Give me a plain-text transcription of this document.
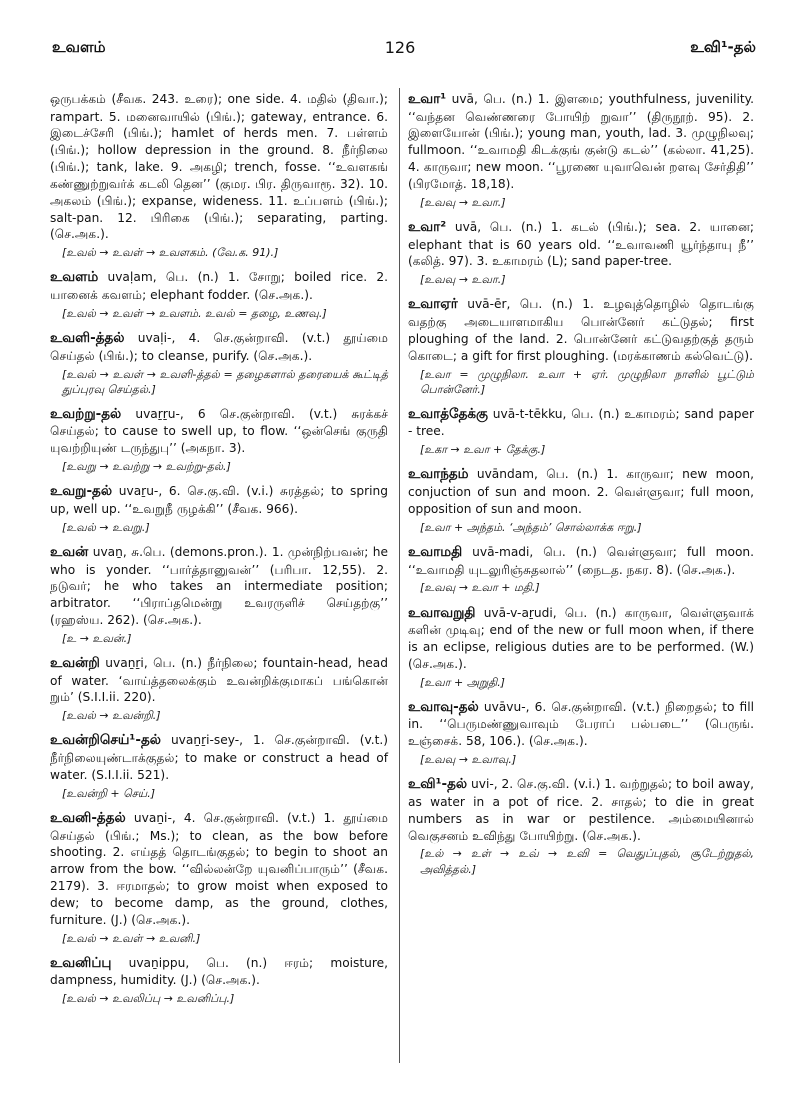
உவளம்	126	உவி¹-தல்

ஒருபக்கம் (சீவக. 243. உரை); one side. 4. மதில் (திவா.); rampart. 5. மனைவாயில் (பிங்.); gateway, entrance. 6. இடைச்சேரி (பிங்.); hamlet of herds men. 7. பள்ளம் (பிங்.); hollow depression in the ground. 8. நீர்நிலை (பிங்.); tank, lake. 9. அகழி; trench, fosse. ‘‘உவளகங் கண்ணுற்றுவர்க் கடலி தென’’ (குமர. பிர. திருவாரூ. 32). 10. அகலம் (பிங்.); expanse, wideness. 11. உப்பளம் (பிங்.); salt-pan. 12. பிரிகை (பிங்.); separating, parting. (செ.அக.).

[உவல் → உவள் → உவளகம். (வே.க. 91).]

உவளம் uvaḷam, பெ. (n.) 1. சோறு; boiled rice. 2. யானைக் கவளம்; elephant fodder. (செ.அக.).

[உவல் → உவள் → உவளம். உவல் = தழை, உணவு.]

உவளி-த்தல் uvaḷi-, 4. செ.குன்றாவி. (v.t.) தூய்மை செய்தல் (பிங்.); to cleanse, purify. (செ.அக.).

[உவல் → உவள் → உவளி-த்தல் = தழைகளால் தரையைக் கூட்டித் துப்புரவு செய்தல்.]

உவற்று-தல் uvaṟṟu-, 6 செ.குன்றாவி. (v.t.) சுரக்கச் செய்தல்; to cause to swell up, to flow. ‘‘ஒன்செங் குருதி யுவற்றியுண் டருந்துபு’’ (அகநா. 3).

[உவறு → உவற்று → உவற்று-தல்.]

உவறு-தல் uvaṟu-, 6. செ.கு.வி. (v.i.) சுரத்தல்; to spring up, well up. ‘‘உவறுநீ ருழக்கி’’ (சீவக. 966).

[உவல் → உவறு.]

உவன் uvaṉ, சு.பெ. (demons.pron.). 1. முன்நிற்பவன்; he who is yonder. ‘‘பார்த்தானுவன்’’ (பரிபா. 12,55). 2. நடுவர்; he who takes an intermediate position; arbitrator. ‘‘பிராப்தமென்று உவரருளிச் செய்தற்கு’’ (ரஹஸ்ய. 262). (செ.அக.).

[உ → உவன்.]

உவன்றி uvaṉṟi, பெ. (n.) நீர்நிலை; fountain-head, head of water. ‘வாய்த்தலைக்கும் உவன்றிக்குமாகப் பங்கொன் றும்’ (S.I.I.ii. 220).

[உவல் → உவன்றி.]

உவன்றிசெய்¹-தல் uvaṉṟi-sey-, 1. செ.குன்றாவி. (v.t.) நீர்நிலையுண்டாக்குதல்; to make or construct a head of water. (S.I.I.ii. 521).

[உவன்றி + செய்.]

உவனி-த்தல் uvaṉi-, 4. செ.குன்றாவி. (v.t.) 1. தூய்மை செய்தல் (பிங்.; Ms.); to clean, as the bow before shooting. 2. எய்தத் தொடங்குதல்; to begin to shoot an arrow from the bow. ‘‘வில்லன்றே யுவனிப்பாரும்’’ (சீவக. 2179). 3. ஈரமாதல்; to grow moist when exposed to dew; to become damp, as the ground, clothes, furniture. (J.) (செ.அக.).

[உவல் → உவள் → உவனி.]

உவனிப்பு uvaṉippu, பெ. (n.) ஈரம்; moisture, dampness, humidity. (J.) (செ.அக.).

[உவல் → உவலிப்பு → உவனிப்பு.]

உவா¹ uvā, பெ. (n.) 1. இளமை; youthfulness, juvenility. ‘‘வந்தன வெண்ணரை போயிற் றுவா’’ (திருநூற். 95). 2. இளையோன் (பிங்.); young man, youth, lad. 3. முழுநிலவு; fullmoon. ‘‘உவாமதி கிடக்குங் குன்டு கடல்’’ (கல்லா. 41,25). 4. காருவா; new moon. ‘‘பூரணை யுவாவென் றளவு சேர்திதி’’ (பிரமோத். 18,18).

[உவவு → உவா.]

உவா² uvā, பெ. (n.) 1. கடல் (பிங்.); sea. 2. யானை; elephant that is 60 years old. ‘‘உவாவணி யூர்ந்தாயு நீ’’ (கலித். 97). 3. உகாமரம் (L); sand paper-tree.

[உவவு → உவா.]

உவாஏர் uvā-ēr, பெ. (n.) 1. உழவுத்தொழில் தொடங்கு வதற்கு அடையாளமாகிய பொன்னேர் கட்டுதல்; first ploughing of the land. 2. பொன்னேர் கட்டுவதற்குத் தரும் கொடை; a gift for first ploughing. (மரக்காணம் கல்வெட்டு).

[உவா = முழுநிலா. உவா + ஏர். முழுநிலா நாளில் பூட்டும் பொன்னேர்.]

உவாத்தேக்கு uvā-t-tēkku, பெ. (n.) உகாமரம்; sand paper - tree.

[உகா → உவா + தேக்கு.]

உவாந்தம் uvāndam, பெ. (n.) 1. காருவா; new moon, conjuction of sun and moon. 2. வெள்ளுவா; full moon, opposition of sun and moon.

[உவா + அந்தம். ‘அந்தம்’ சொல்லாக்க ஈறு.]

உவாமதி uvā-madi, பெ. (n.) வெள்ளுவா; full moon. ‘‘உவாமதி யுடலுரிஞ்சுதலால்’’ (நைடத. நகர. 8). (செ.அக.).

[உவவு → உவா + மதி.]

உவாவறுதி uvā-v-aṟudi, பெ. (n.) காருவா, வெள்ளுவாக் களின் முடிவு; end of the new or full moon when, if there is an eclipse, religious duties are to be performed. (W.) (செ.அக.).

[உவா + அறுதி.]

உவாவு-தல் uvāvu-, 6. செ.குன்றாவி. (v.t.) நிறைதல்; to fill in. ‘‘பெருமண்ணுவாவும் பேராப் பல்படை’’ (பெருங். உஞ்சைக். 58, 106.). (செ.அக.).

[உவவு → உவாவு.]

உவி¹-தல் uvi-, 2. செ.கு.வி. (v.i.) 1. வற்றுதல்; to boil away, as water in a pot of rice. 2. சாதல்; to die in great numbers as in war or pestilence. அம்மையினால் வெகுசனம் உவிந்து போயிற்று. (செ.அக.).

[உல் → உள் → உவ் → உவி = வெதுப்புதல், சூடேற்றுதல், அவித்தல்.]
